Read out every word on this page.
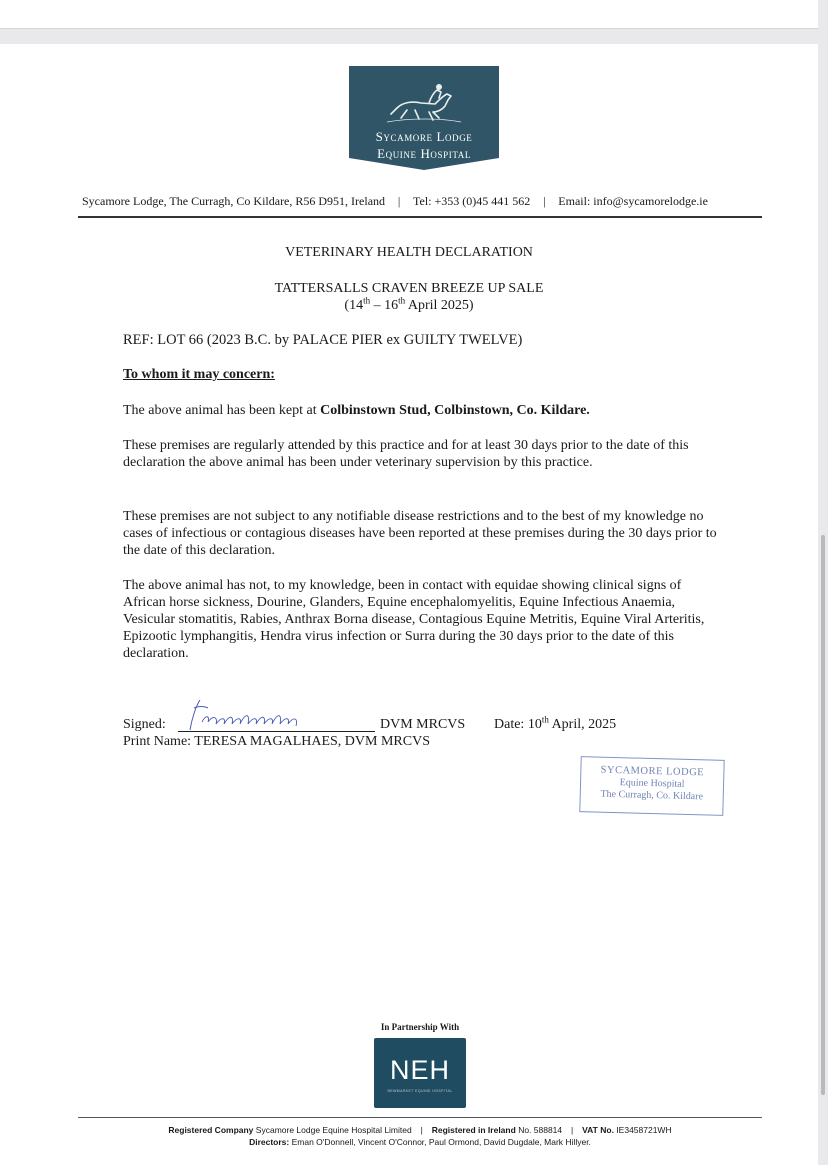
Sycamore Lodge
Equine Hospital
Sycamore Lodge, The Curragh, Co Kildare, R56 D951, Ireland | Tel: +353 (0)45 441 562 | Email: info@sycamorelodge.ie
VETERINARY HEALTH DECLARATION
TATTERSALLS CRAVEN BREEZE UP SALE
(14th – 16th April 2025)
REF: LOT 66 (2023 B.C. by PALACE PIER ex GUILTY TWELVE)
To whom it may concern:
The above animal has been kept at Colbinstown Stud, Colbinstown, Co. Kildare.
These premises are regularly attended by this practice and for at least 30 days prior to the date of this declaration the above animal has been under veterinary supervision by this practice.
These premises are not subject to any notifiable disease restrictions and to the best of my knowledge no cases of infectious or contagious diseases have been reported at these premises during the 30 days prior to the date of this declaration.
The above animal has not, to my knowledge, been in contact with equidae showing clinical signs of African horse sickness, Dourine, Glanders, Equine encephalomyelitis, Equine Infectious Anaemia, Vesicular stomatitis, Rabies, Anthrax Borna disease, Contagious Equine Metritis, Equine Viral Arteritis, Epizootic lymphangitis, Hendra virus infection or Surra during the 30 days prior to the date of this declaration.
Signed:	DVM MRCVS Date: 10th April, 2025
Print Name: TERESA MAGALHAES, DVM MRCVS
SYCAMORE LODGE
Equine Hospital
The Curragh, Co. Kildare
In Partnership With
NEH
NEWMARKET EQUINE HOSPITAL
Registered Company Sycamore Lodge Equine Hospital Limited | Registered in Ireland No. 588814 | VAT No. IE3458721WH
Directors: Eman O'Donnell, Vincent O'Connor, Paul Ormond, David Dugdale, Mark Hillyer.
